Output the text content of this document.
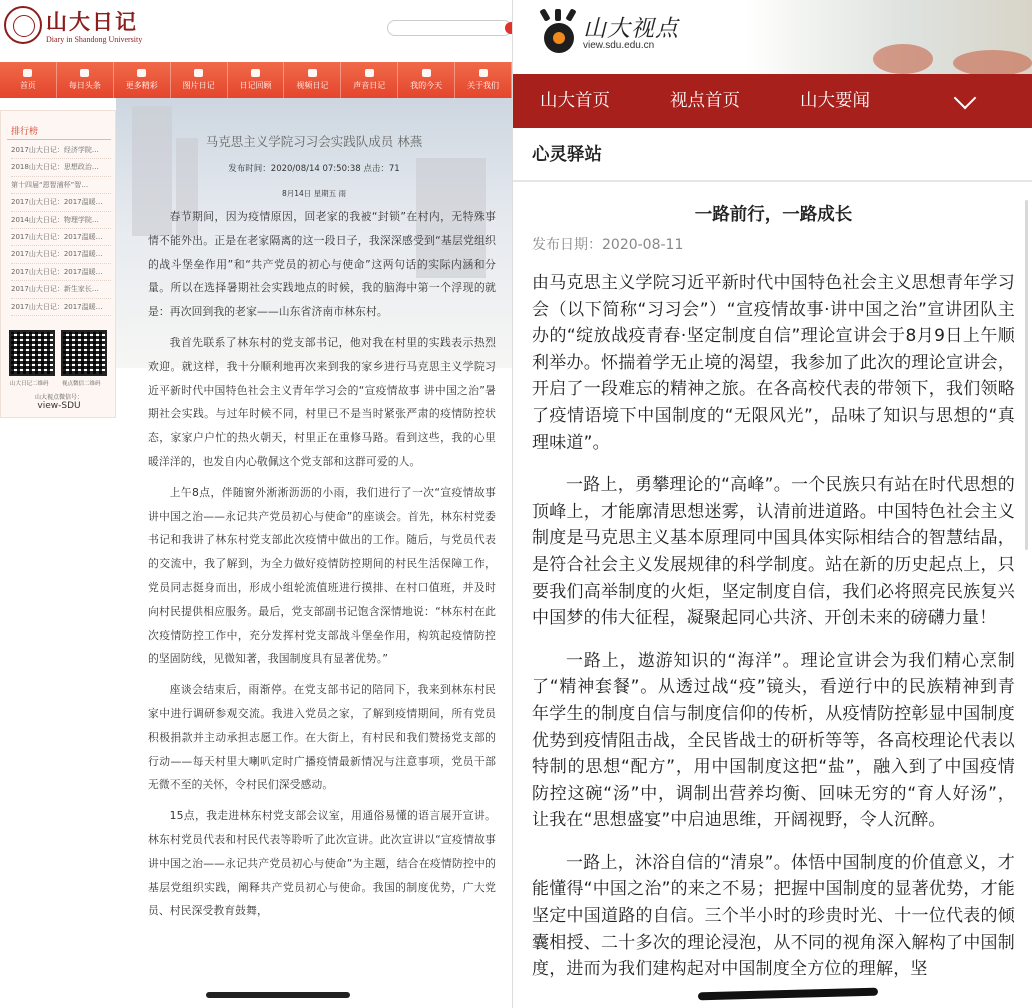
山大日记
Diary in Shandong University
首页	每日头条	更多精彩	图片日记	日记回顾	视频日记	声音日记	我的今天	关于我们
排行榜
2017山大日记：经济学院…
2018山大日记：思想政治…
第十四届“恩智浦杯”智…
2017山大日记：2017温暖…
2014山大日记：物理学院…
2017山大日记：2017温暖…
2017山大日记：2017温暖…
2017山大日记：2017温暖…
2017山大日记：新生家长…
2017山大日记：2017温暖…
山大日记二维码 视点微信二维码
山大视点微信号：
view-SDU
马克思主义学院习习会实践队成员 林燕
发布时间：2020/08/14 07:50:38 点击：71
8月14日 星期五 雨

春节期间，因为疫情原因，回老家的我被“封锁”在村内，无特殊事情不能外出。正是在老家隔离的这一段日子，我深深感受到“基层党组织的战斗堡垒作用”和“共产党员的初心与使命”这两句话的实际内涵和分量。所以在选择暑期社会实践地点的时候，我的脑海中第一个浮现的就是：再次回到我的老家——山东省济南市林东村。

我首先联系了林东村的党支部书记，他对我在村里的实践表示热烈欢迎。就这样，我十分顺利地再次来到我的家乡进行马克思主义学院习近平新时代中国特色社会主义青年学习会的“宣疫情故事 讲中国之治”暑期社会实践。与过年时候不同，村里已不是当时紧张严肃的疫情防控状态，家家户户忙的热火朝天，村里正在重修马路。看到这些，我的心里暖洋洋的，也发自内心敬佩这个党支部和这群可爱的人。

上午8点，伴随窗外淅淅沥沥的小雨，我们进行了一次“宣疫情故事 讲中国之治——永记共产党员初心与使命”的座谈会。首先，林东村党委书记和我讲了林东村党支部此次疫情中做出的工作。随后，与党员代表的交流中，我了解到，为全力做好疫情防控期间的村民生活保障工作，党员同志挺身而出，形成小组轮流值班进行摸排、在村口值班，并及时向村民提供相应服务。最后，党支部副书记饱含深情地说：“林东村在此次疫情防控工作中，充分发挥村党支部战斗堡垒作用，构筑起疫情防控的坚固防线，见微知著，我国制度具有显著优势。”

座谈会结束后，雨渐停。在党支部书记的陪同下，我来到林东村民家中进行调研参观交流。我进入党员之家，了解到疫情期间，所有党员积极捐款并主动承担志愿工作。在大街上，有村民和我们赞扬党支部的行动——每天村里大喇叭定时广播疫情最新情况与注意事项，党员干部无微不至的关怀，令村民们深受感动。

15点，我走进林东村党支部会议室，用通俗易懂的语言展开宣讲。林东村党员代表和村民代表等聆听了此次宣讲。此次宣讲以“宣疫情故事 讲中国之治——永记共产党员初心与使命”为主题，结合在疫情防控中的基层党组织实践，阐释共产党员初心与使命。我国的制度优势，广大党员、村民深受教育鼓舞，

山大视点
view.sdu.edu.cn
山大首页	视点首页	山大要闻
心灵驿站
一路前行，一路成长
发布日期：2020-08-11

由马克思主义学院习近平新时代中国特色社会主义思想青年学习会（以下简称“习习会”）“宣疫情故事·讲中国之治”宣讲团队主办的“绽放战疫青春·坚定制度自信”理论宣讲会于8月9日上午顺利举办。怀揣着学无止境的渴望，我参加了此次的理论宣讲会，开启了一段难忘的精神之旅。在各高校代表的带领下，我们领略了疫情语境下中国制度的“无限风光”，品味了知识与思想的“真理味道”。

一路上，勇攀理论的“高峰”。一个民族只有站在时代思想的顶峰上，才能廓清思想迷雾，认清前进道路。中国特色社会主义制度是马克思主义基本原理同中国具体实际相结合的智慧结晶，是符合社会主义发展规律的科学制度。站在新的历史起点上，只要我们高举制度的火炬，坚定制度自信，我们必将照亮民族复兴中国梦的伟大征程，凝聚起同心共济、开创未来的磅礴力量！

一路上，遨游知识的“海洋”。理论宣讲会为我们精心烹制了“精神套餐”。从透过战“疫”镜头，看逆行中的民族精神到青年学生的制度自信与制度信仰的传析，从疫情防控彰显中国制度优势到疫情阻击战，全民皆战士的研析等等，各高校理论代表以特制的思想“配方”，用中国制度这把“盐”，融入到了中国疫情防控这碗“汤”中，调制出营养均衡、回味无穷的“育人好汤”，让我在“思想盛宴”中启迪思维，开阔视野，令人沉醉。

一路上，沐浴自信的“清泉”。体悟中国制度的价值意义，才能懂得“中国之治”的来之不易；把握中国制度的显著优势，才能坚定中国道路的自信。三个半小时的珍贵时光、十一位代表的倾囊相授、二十多次的理论浸泡，从不同的视角深入解构了中国制度，进而为我们建构起对中国制度全方位的理解，坚
